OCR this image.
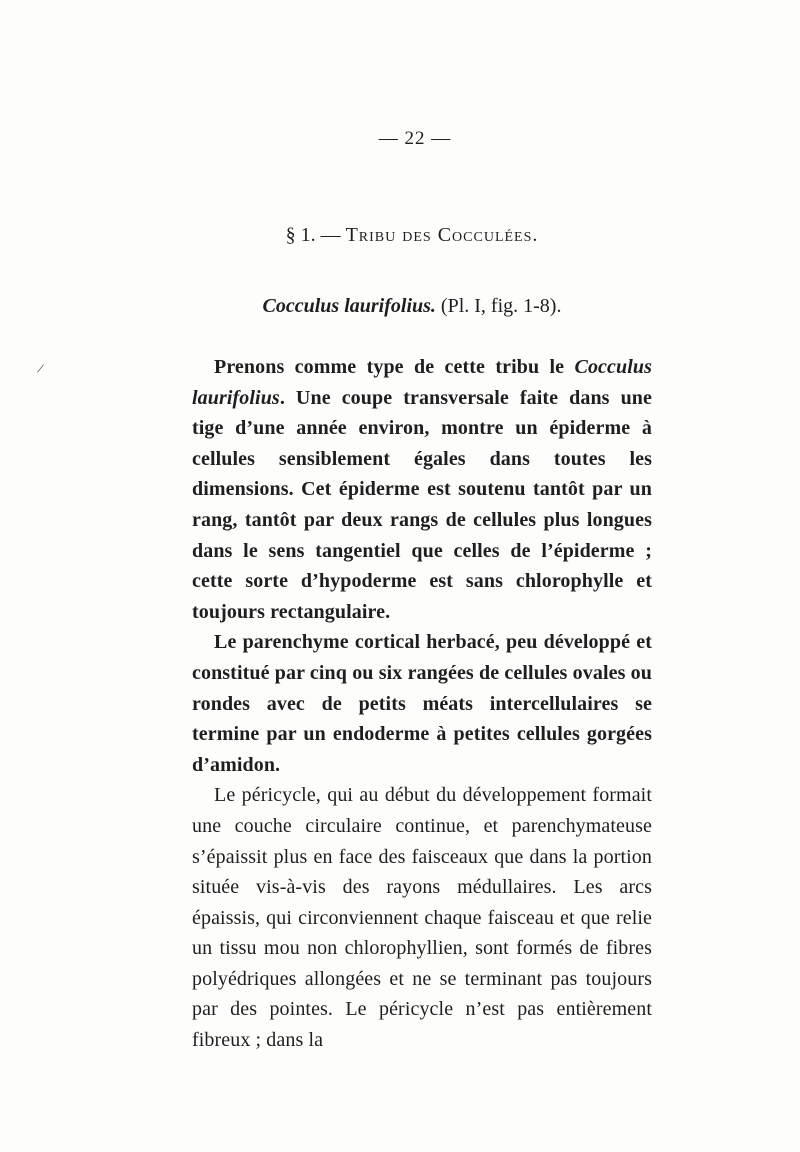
/
— 22 —
§ 1. — Tribu des Cocculées.
Cocculus laurifolius. (Pl. I, fig. 1-8).

Prenons comme type de cette tribu le Cocculus laurifolius. Une coupe transversale faite dans une tige d’une année environ, montre un épiderme à cellules sensiblement égales dans toutes les dimensions. Cet épiderme est soutenu tantôt par un rang, tantôt par deux rangs de cellules plus longues dans le sens tangentiel que celles de l’épiderme ; cette sorte d’hypoderme est sans chlorophylle et toujours rectangulaire.

Le parenchyme cortical herbacé, peu développé et constitué par cinq ou six rangées de cellules ovales ou rondes avec de petits méats intercellulaires se termine par un endoderme à petites cellules gorgées d’amidon.

Le péricycle, qui au début du développement formait une couche circulaire continue, et parenchymateuse s’épaissit plus en face des faisceaux que dans la portion située vis-à-vis des rayons médullaires. Les arcs épaissis, qui circonviennent chaque faisceau et que relie un tissu mou non chlorophyllien, sont formés de fibres polyédriques allongées et ne se terminant pas toujours par des pointes. Le péricycle n’est pas entièrement fibreux ; dans la
